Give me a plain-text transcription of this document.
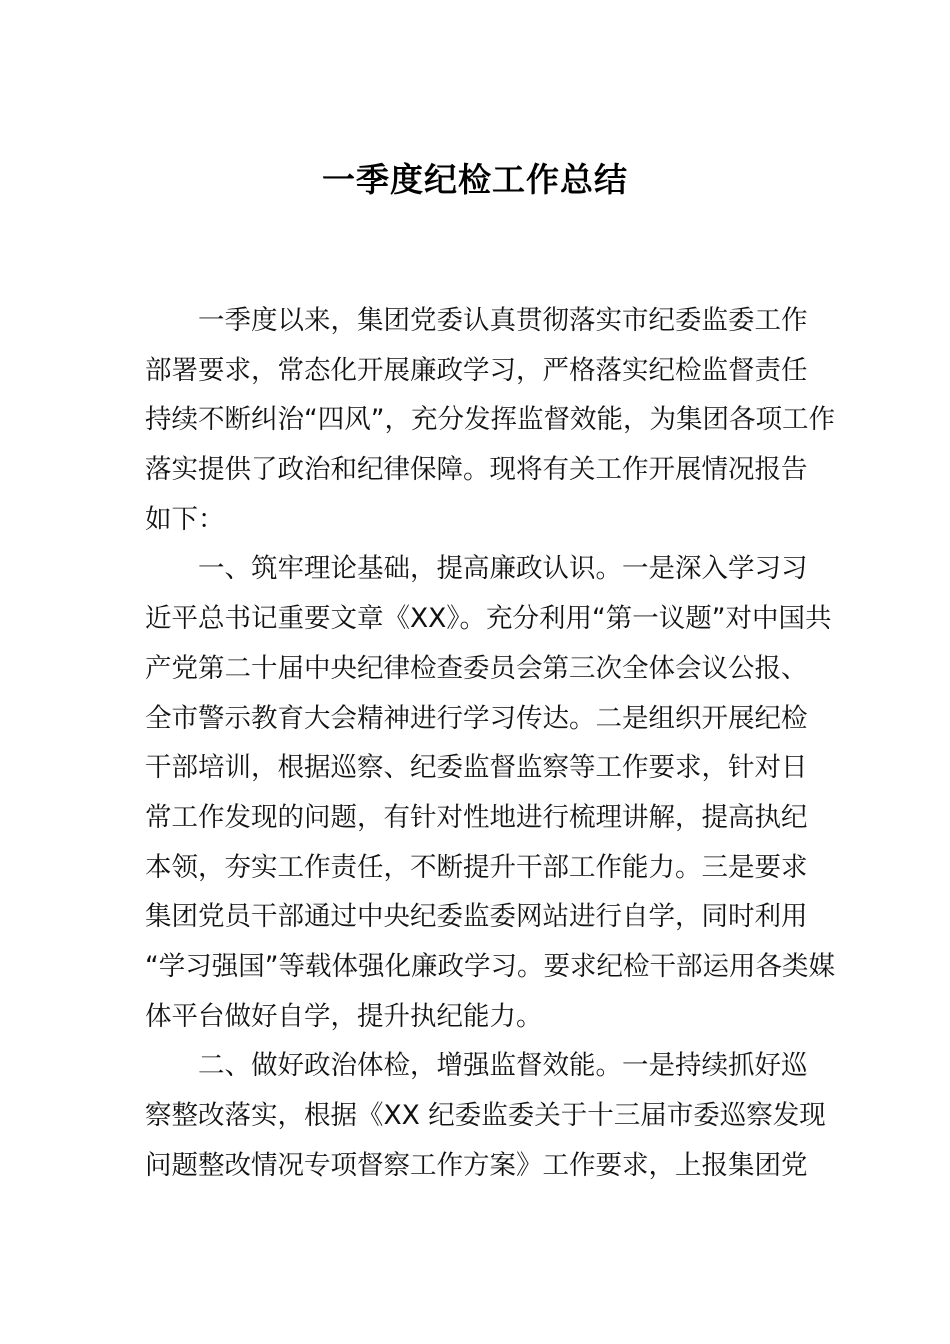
一季度纪检工作总结
一季度以来，集团党委认真贯彻落实市纪委监委工作
部署要求，常态化开展廉政学习，严格落实纪检监督责任
持续不断纠治“四风”，充分发挥监督效能，为集团各项工作
落实提供了政治和纪律保障。现将有关工作开展情况报告
如下：
一、筑牢理论基础，提高廉政认识。一是深入学习习
近平总书记重要文章《XX》。充分利用“第一议题”对中国共
产党第二十届中央纪律检查委员会第三次全体会议公报、
全市警示教育大会精神进行学习传达。二是组织开展纪检
干部培训，根据巡察、纪委监督监察等工作要求，针对日
常工作发现的问题，有针对性地进行梳理讲解，提高执纪
本领，夯实工作责任，不断提升干部工作能力。三是要求
集团党员干部通过中央纪委监委网站进行自学，同时利用
“学习强国”等载体强化廉政学习。要求纪检干部运用各类媒
体平台做好自学，提升执纪能力。
二、做好政治体检，增强监督效能。一是持续抓好巡
察整改落实，根据《XX 纪委监委关于十三届市委巡察发现
问题整改情况专项督察工作方案》工作要求，上报集团党
